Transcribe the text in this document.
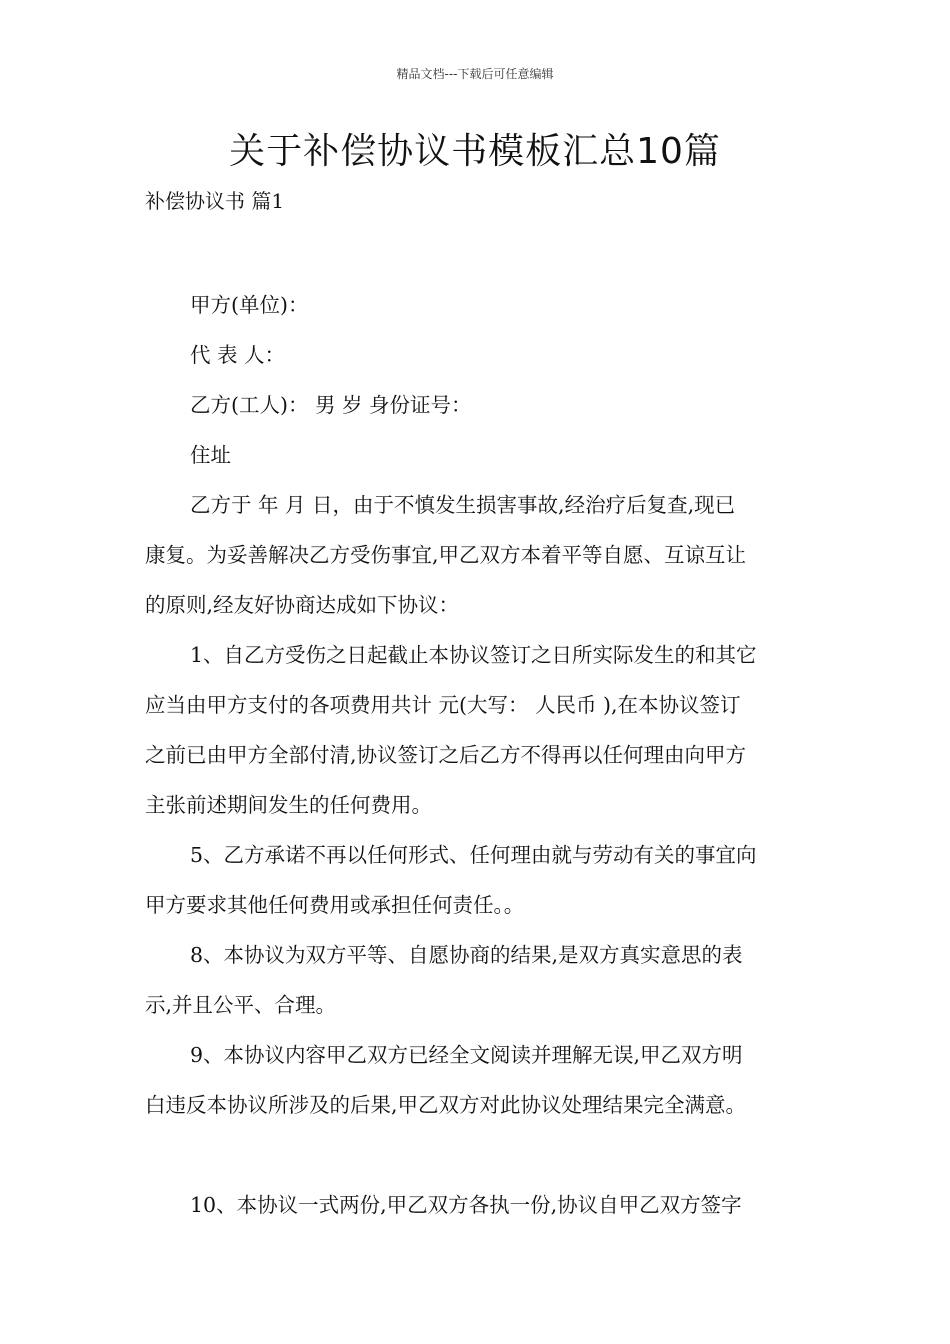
精品文档---下载后可任意编辑
关于补偿协议书模板汇总10篇
补偿协议书 篇1
甲方(单位)：
代 表 人：
乙方(工人)： 男 岁 身份证号：
住址
乙方于 年 月 日，由于不慎发生损害事故,经治疗后复查,现已
康复。为妥善解决乙方受伤事宜,甲乙双方本着平等自愿、互谅互让
的原则,经友好协商达成如下协议：
1、自乙方受伤之日起截止本协议签订之日所实际发生的和其它
应当由甲方支付的各项费用共计 元(大写： 人民币 ),在本协议签订
之前已由甲方全部付清,协议签订之后乙方不得再以任何理由向甲方
主张前述期间发生的任何费用。
5、乙方承诺不再以任何形式、任何理由就与劳动有关的事宜向
甲方要求其他任何费用或承担任何责任。。
8、本协议为双方平等、自愿协商的结果,是双方真实意思的表
示,并且公平、合理。
9、本协议内容甲乙双方已经全文阅读并理解无误,甲乙双方明
白违反本协议所涉及的后果,甲乙双方对此协议处理结果完全满意。
10、本协议一式两份,甲乙双方各执一份,协议自甲乙双方签字
